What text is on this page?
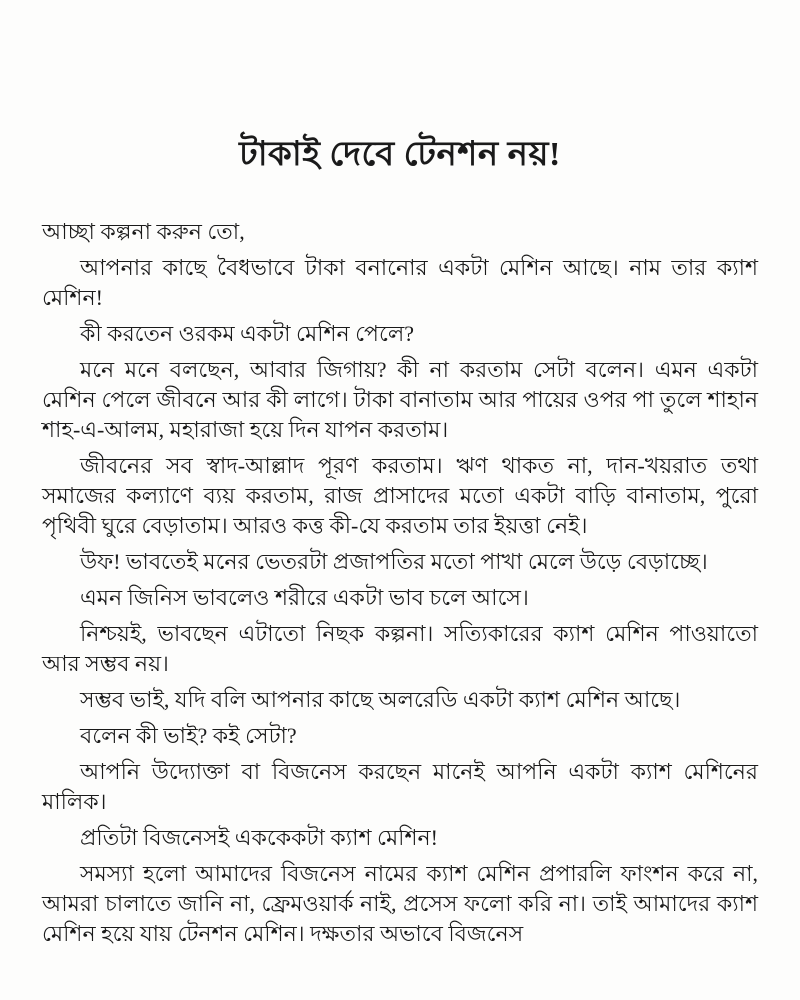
টাকাই দেবে টেনশন নয়!

আচ্ছা কল্পনা করুন তো,

আপনার কাছে বৈধভাবে টাকা বনানোর একটা মেশিন আছে। নাম তার ক্যাশ মেশিন!

কী করতেন ওরকম একটা মেশিন পেলে?

মনে মনে বলছেন, আবার জিগায়? কী না করতাম সেটা বলেন। এমন একটা মেশিন পেলে জীবনে আর কী লাগে। টাকা বানাতাম আর পায়ের ওপর পা তুলে শাহান শাহ-এ-আলম, মহারাজা হয়ে দিন যাপন করতাম।

জীবনের সব স্বাদ-আল্লাদ পূরণ করতাম। ঋণ থাকত না, দান-খয়রাত তথা সমাজের কল্যাণে ব্যয় করতাম, রাজ প্রাসাদের মতো একটা বাড়ি বানাতাম, পুরো পৃথিবী ঘুরে বেড়াতাম। আরও কত্ত কী-যে করতাম তার ইয়ত্তা নেই।

উফ! ভাবতেই মনের ভেতরটা প্রজাপতির মতো পাখা মেলে উড়ে বেড়াচ্ছে।

এমন জিনিস ভাবলেও শরীরে একটা ভাব চলে আসে।

নিশ্চয়ই, ভাবছেন এটাতো নিছক কল্পনা। সত্যিকারের ক্যাশ মেশিন পাওয়াতো আর সম্ভব নয়।

সম্ভব ভাই, যদি বলি আপনার কাছে অলরেডি একটা ক্যাশ মেশিন আছে।

বলেন কী ভাই? কই সেটা?

আপনি উদ্যোক্তা বা বিজনেস করছেন মানেই আপনি একটা ক্যাশ মেশিনের মালিক।

প্রতিটা বিজনেসই এককেকটা ক্যাশ মেশিন!

সমস্যা হলো আমাদের বিজনেস নামের ক্যাশ মেশিন প্রপারলি ফাংশন করে না, আমরা চালাতে জানি না, ফ্রেমওয়ার্ক নাই, প্রসেস ফলো করি না। তাই আমাদের ক্যাশ মেশিন হয়ে যায় টেনশন মেশিন। দক্ষতার অভাবে বিজনেস
